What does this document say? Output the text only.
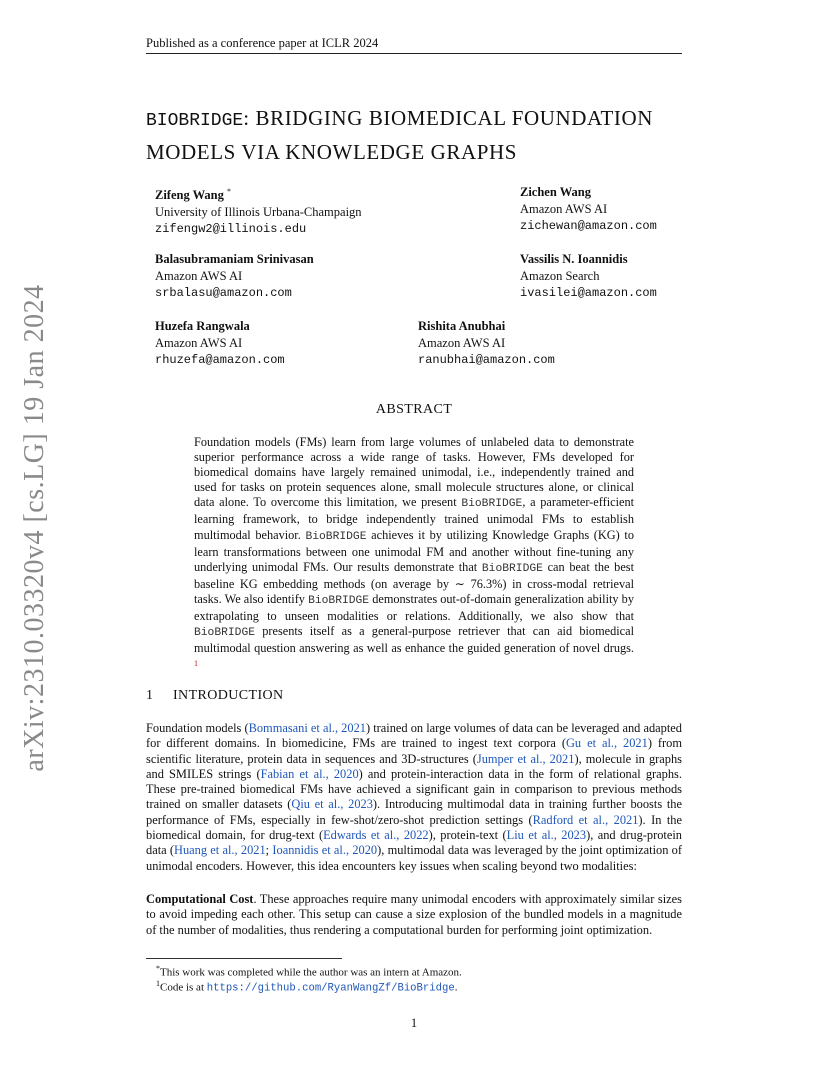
Published as a conference paper at ICLR 2024
BIOBRIDGE: BRIDGING BIOMEDICAL FOUNDATION
MODELS VIA KNOWLEDGE GRAPHS
Zifeng Wang *
University of Illinois Urbana-Champaign
zifengw2@illinois.edu
Zichen Wang
Amazon AWS AI
zichewan@amazon.com
Balasubramaniam Srinivasan
Amazon AWS AI
srbalasu@amazon.com
Vassilis N. Ioannidis
Amazon Search
ivasilei@amazon.com
Huzefa Rangwala
Amazon AWS AI
rhuzefa@amazon.com
Rishita Anubhai
Amazon AWS AI
ranubhai@amazon.com
arXiv:2310.03320v4 [cs.LG] 19 Jan 2024	ABSTRACT
Foundation models (FMs) learn from large volumes of unlabeled data to demonstrate superior performance across a wide range of tasks. However, FMs developed for biomedical domains have largely remained unimodal, i.e., independently trained and used for tasks on protein sequences alone, small molecule structures alone, or clinical data alone. To overcome this limitation, we present BioBRIDGE, a parameter-efficient learning framework, to bridge independently trained unimodal FMs to establish multimodal behavior. BioBRIDGE achieves it by utilizing Knowledge Graphs (KG) to learn transformations between one unimodal FM and another without fine-tuning any underlying unimodal FMs. Our results demonstrate that BioBRIDGE can beat the best baseline KG embedding methods (on average by ∼ 76.3%) in cross-modal retrieval tasks. We also identify BioBRIDGE demonstrates out-of-domain generalization ability by extrapolating to unseen modalities or relations. Additionally, we also show that BioBRIDGE presents itself as a general-purpose retriever that can aid biomedical multimodal question answering as well as enhance the guided generation of novel drugs. $^1$
1 INTRODUCTION
Foundation models (Bommasani et al., 2021) trained on large volumes of data can be leveraged and adapted for different domains. In biomedicine, FMs are trained to ingest text corpora (Gu et al., 2021) from scientific literature, protein data in sequences and 3D-structures (Jumper et al., 2021), molecule in graphs and SMILES strings (Fabian et al., 2020) and protein-interaction data in the form of relational graphs. These pre-trained biomedical FMs have achieved a significant gain in comparison to previous methods trained on smaller datasets (Qiu et al., 2023). Introducing multimodal data in training further boosts the performance of FMs, especially in few-shot/zero-shot prediction settings (Radford et al., 2021). In the biomedical domain, for drug-text (Edwards et al., 2022), protein-text (Liu et al., 2023), and drug-protein data (Huang et al., 2021; Ioannidis et al., 2020), multimodal data was leveraged by the joint optimization of unimodal encoders. However, this idea encounters key issues when scaling beyond two modalities:
Computational Cost. These approaches require many unimodal encoders with approximately similar sizes to avoid impeding each other. This setup can cause a size explosion of the bundled models in a magnitude of the number of modalities, thus rendering a computational burden for performing joint optimization.
*This work was completed while the author was an intern at Amazon.
$^1$Code is at https://github.com/RyanWangZf/BioBridge.
1
